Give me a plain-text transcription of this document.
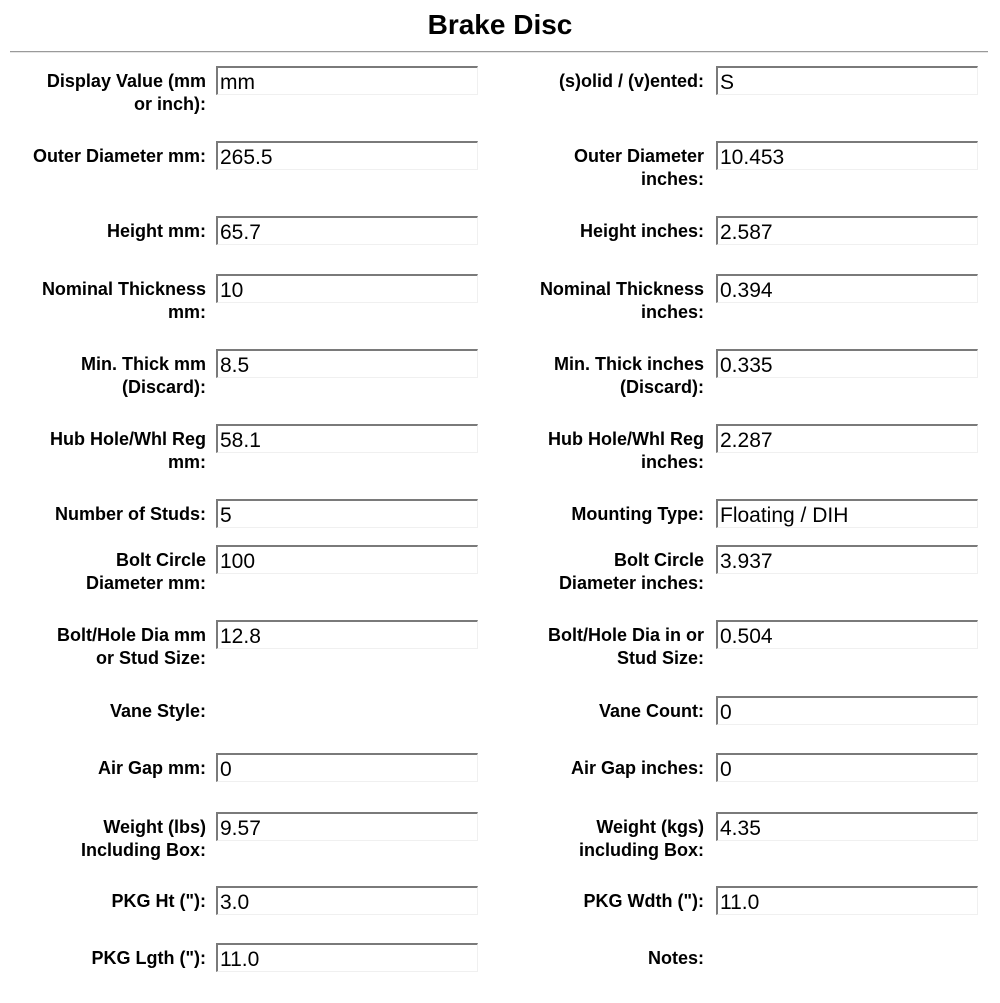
Brake Disc
Display Value (mm
or inch):
mm	(s)olid / (v)ented: S
Outer Diameter mm: 265.5	Outer Diameter
inches:
10.453
Height mm: 65.7	Height inches: 2.587
Nominal Thickness
mm:
10	Nominal Thickness
inches:
0.394
Min. Thick mm
(Discard):
8.5	Min. Thick inches
(Discard):
0.335
Hub Hole/Whl Reg
mm:
58.1	Hub Hole/Whl Reg
inches:
2.287
Number of Studs: 5	Mounting Type: Floating / DIH
Bolt Circle
Diameter mm:
100	Bolt Circle
Diameter inches:
3.937
Bolt/Hole Dia mm
or Stud Size:
12.8	Bolt/Hole Dia in or
Stud Size:
0.504
Vane Style:	Vane Count: 0
Air Gap mm: 0	Air Gap inches: 0
Weight (lbs)
Including Box:
9.57	Weight (kgs)
including Box:
4.35
PKG Ht ("): 3.0	PKG Wdth ("): 11.0
PKG Lgth ("): 11.0	Notes:
